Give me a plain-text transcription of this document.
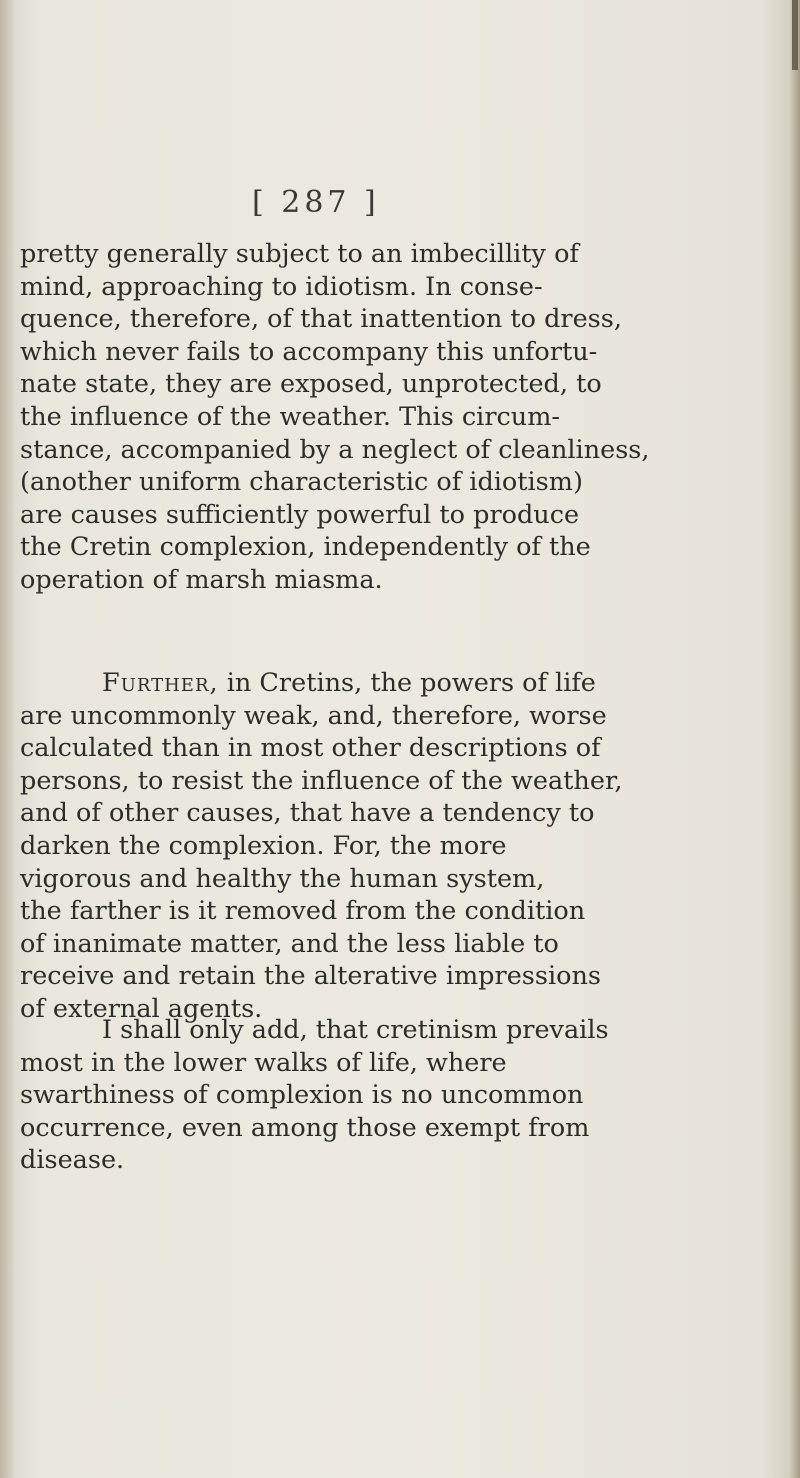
[ 287 ]
pretty generally subject to an imbecillity of
mind, approaching to idiotism. In conse-
quence, therefore, of that inattention to dress,
which never fails to accompany this unfortu-
nate state, they are exposed, unprotected, to
the influence of the weather. This circum-
stance, accompanied by a neglect of cleanliness,
(another uniform characteristic of idiotism)
are causes sufficiently powerful to produce
the Cretin complexion, independently of the
operation of marsh miasma.
Further, in Cretins, the powers of life
are uncommonly weak, and, therefore, worse
calculated than in most other descriptions of
persons, to resist the influence of the weather,
and of other causes, that have a tendency to
darken the complexion. For, the more
vigorous and healthy the human system,
the farther is it removed from the condition
of inanimate matter, and the less liable to
receive and retain the alterative impressions
of external agents.
I shall only add, that cretinism prevails
most in the lower walks of life, where
swarthiness of complexion is no uncommon
occurrence, even among those exempt from
disease.
